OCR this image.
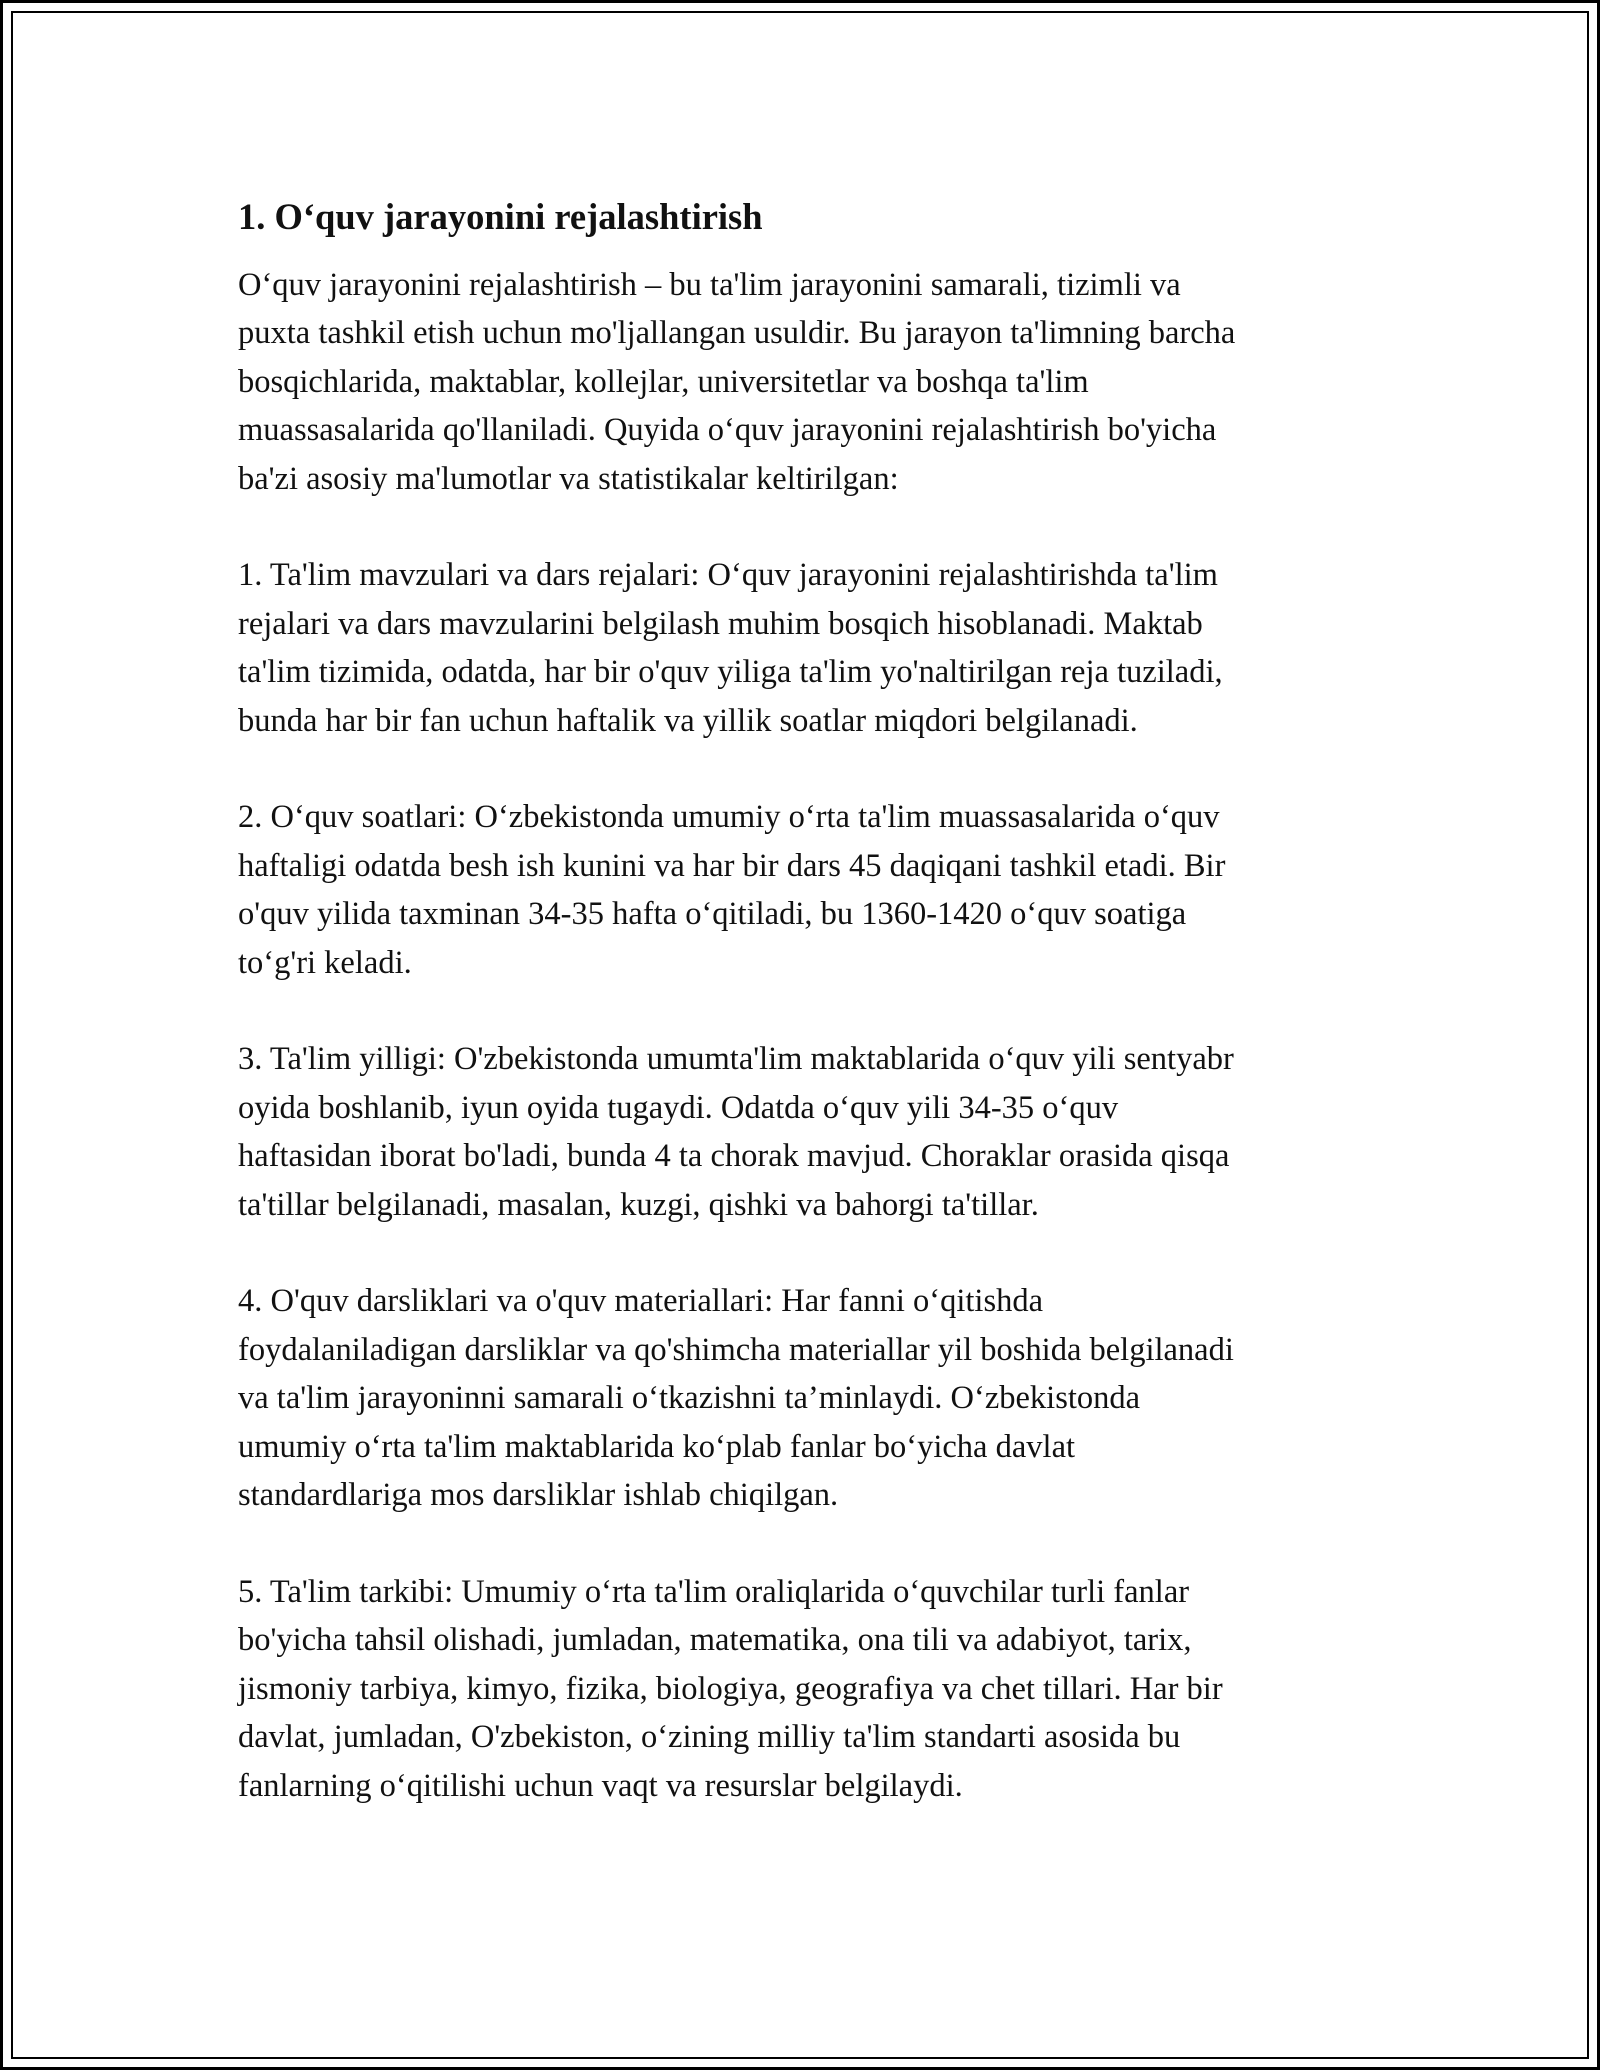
1. O‘quv jarayonini rejalashtirish

O‘quv jarayonini rejalashtirish – bu ta'lim jarayonini samarali, tizimli va
puxta tashkil etish uchun mo'ljallangan usuldir. Bu jarayon ta'limning barcha
bosqichlarida, maktablar, kollejlar, universitetlar va boshqa ta'lim
muassasalarida qo'llaniladi. Quyida o‘quv jarayonini rejalashtirish bo'yicha
ba'zi asosiy ma'lumotlar va statistikalar keltirilgan:

1. Ta'lim mavzulari va dars rejalari: O‘quv jarayonini rejalashtirishda ta'lim
rejalari va dars mavzularini belgilash muhim bosqich hisoblanadi. Maktab
ta'lim tizimida, odatda, har bir o'quv yiliga ta'lim yo'naltirilgan reja tuziladi,
bunda har bir fan uchun haftalik va yillik soatlar miqdori belgilanadi.

2. O‘quv soatlari: O‘zbekistonda umumiy o‘rta ta'lim muassasalarida o‘quv
haftaligi odatda besh ish kunini va har bir dars 45 daqiqani tashkil etadi. Bir
o'quv yilida taxminan 34-35 hafta o‘qitiladi, bu 1360-1420 o‘quv soatiga
to‘g'ri keladi.

3. Ta'lim yilligi: O'zbekistonda umumta'lim maktablarida o‘quv yili sentyabr
oyida boshlanib, iyun oyida tugaydi. Odatda o‘quv yili 34-35 o‘quv
haftasidan iborat bo'ladi, bunda 4 ta chorak mavjud. Choraklar orasida qisqa
ta'tillar belgilanadi, masalan, kuzgi, qishki va bahorgi ta'tillar.

4. O'quv darsliklari va o'quv materiallari: Har fanni o‘qitishda
foydalaniladigan darsliklar va qo'shimcha materiallar yil boshida belgilanadi
va ta'lim jarayoninni samarali o‘tkazishni ta’minlaydi. O‘zbekistonda
umumiy o‘rta ta'lim maktablarida ko‘plab fanlar bo‘yicha davlat
standardlariga mos darsliklar ishlab chiqilgan.

5. Ta'lim tarkibi: Umumiy o‘rta ta'lim oraliqlarida o‘quvchilar turli fanlar
bo'yicha tahsil olishadi, jumladan, matematika, ona tili va adabiyot, tarix,
jismoniy tarbiya, kimyo, fizika, biologiya, geografiya va chet tillari. Har bir
davlat, jumladan, O'zbekiston, o‘zining milliy ta'lim standarti asosida bu
fanlarning o‘qitilishi uchun vaqt va resurslar belgilaydi.
